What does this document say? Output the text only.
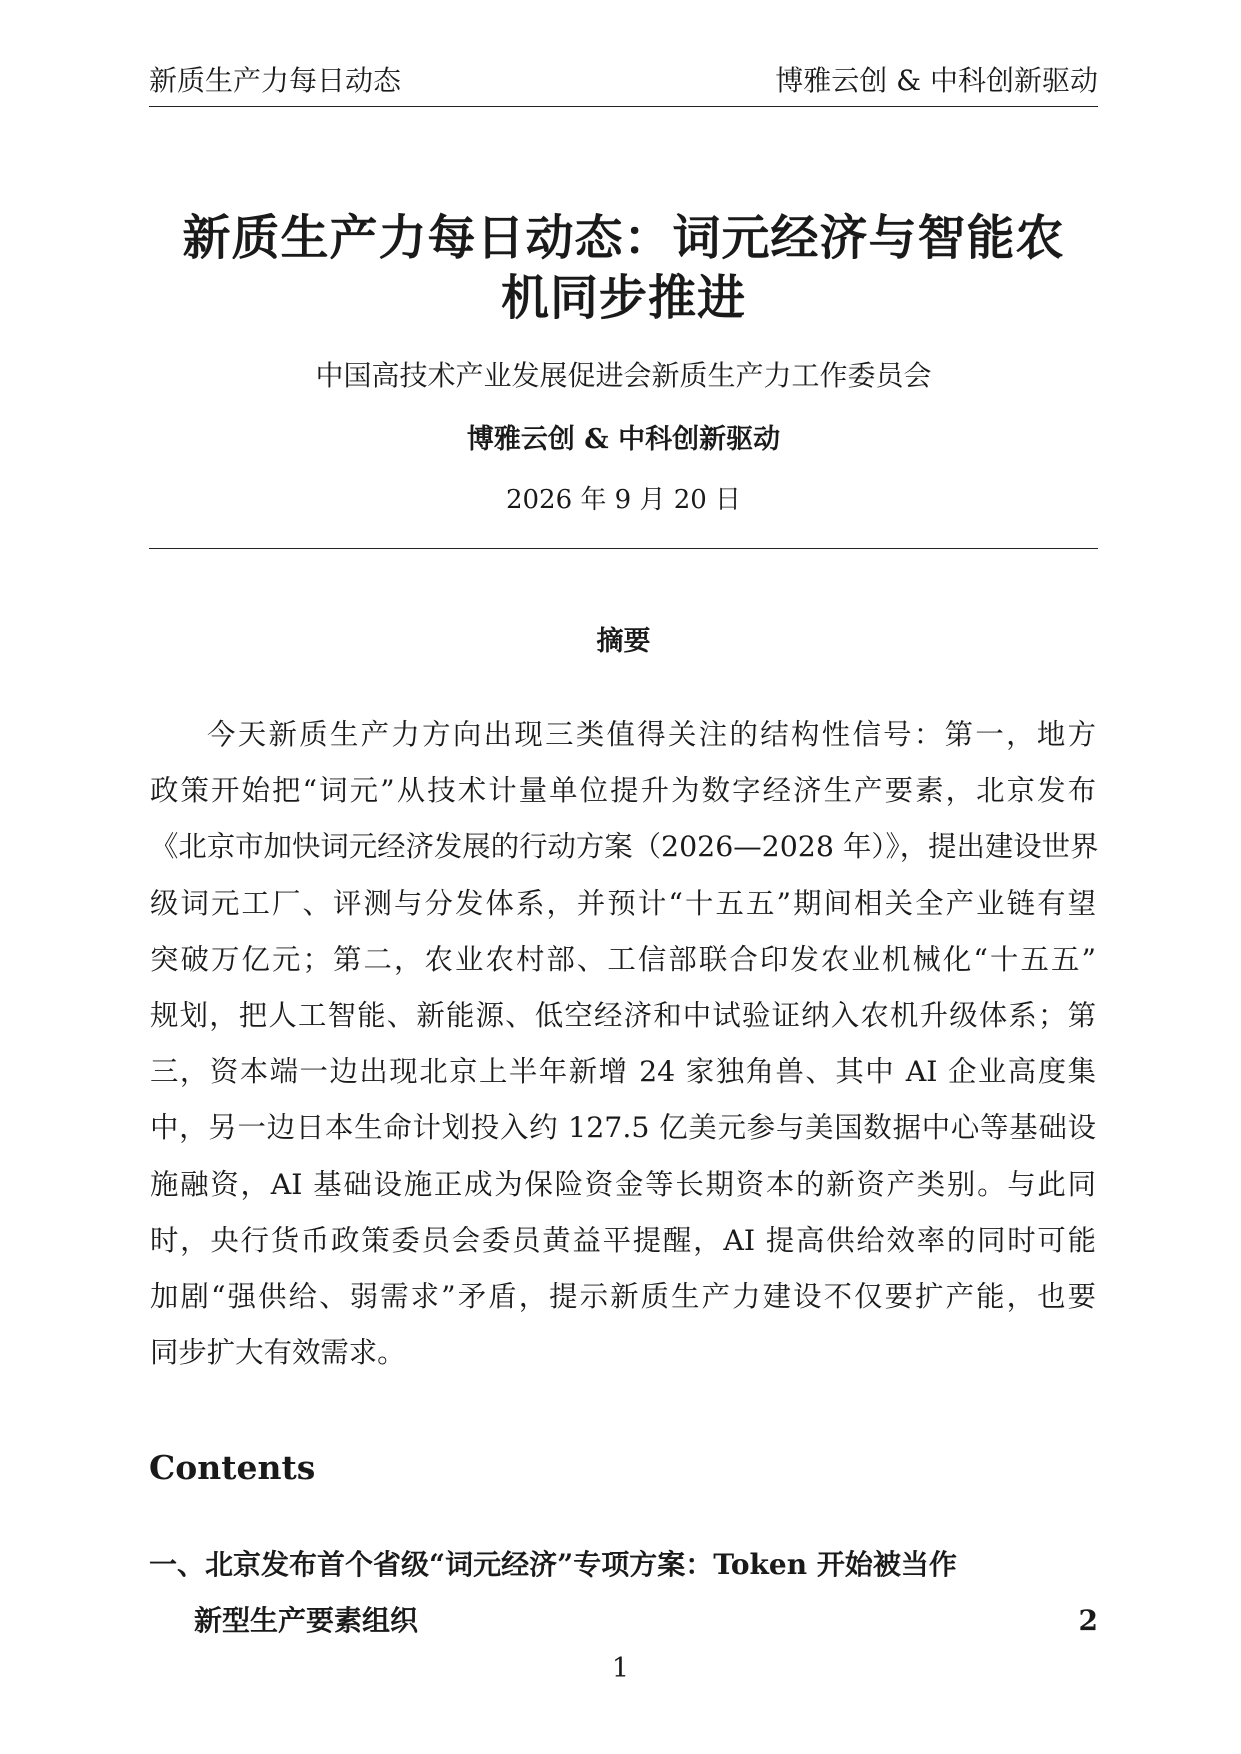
新质生产力每日动态	博雅云创 & 中科创新驱动
新质生产力每日动态：词元经济与智能农
机同步推进
中国高技术产业发展促进会新质生产力工作委员会
博雅云创 & 中科创新驱动
2026 年 9 月 20 日
摘要
今天新质生产力方向出现三类值得关注的结构性信号：第一，地方
政策开始把“词元”从技术计量单位提升为数字经济生产要素，北京发布
《北京市加快词元经济发展的行动方案（2026—2028 年）》，提出建设世界
级词元工厂、评测与分发体系，并预计“十五五”期间相关全产业链有望
突破万亿元；第二，农业农村部、工信部联合印发农业机械化“十五五”
规划，把人工智能、新能源、低空经济和中试验证纳入农机升级体系；第
三，资本端一边出现北京上半年新增 24 家独角兽、其中 AI 企业高度集
中，另一边日本生命计划投入约 127.5 亿美元参与美国数据中心等基础设
施融资，AI 基础设施正成为保险资金等长期资本的新资产类别。与此同
时，央行货币政策委员会委员黄益平提醒，AI 提高供给效率的同时可能
加剧“强供给、弱需求”矛盾，提示新质生产力建设不仅要扩产能，也要
同步扩大有效需求。
Contents
一、北京发布首个省级“词元经济”专项方案：Token 开始被当作
新型生产要素组织	2
1
